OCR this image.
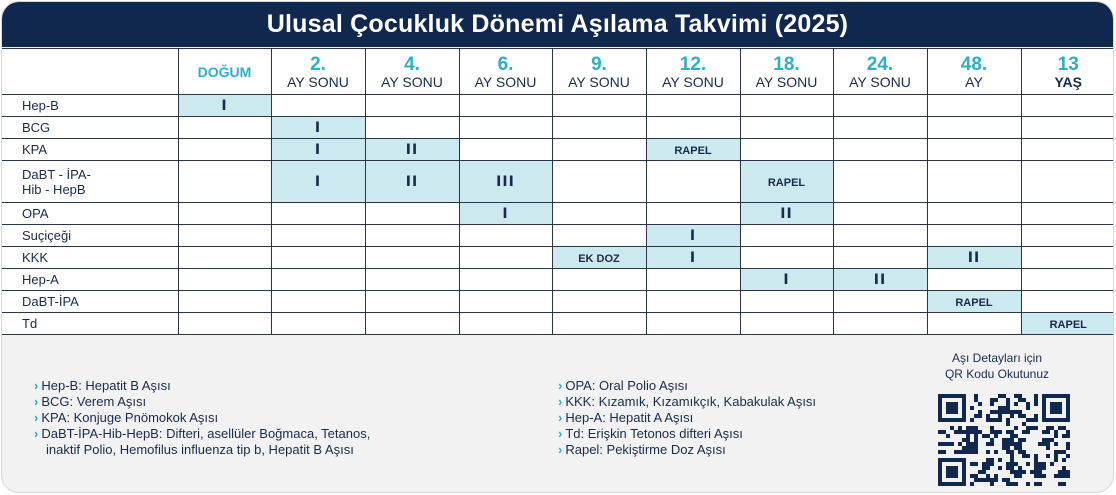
Ulusal Çocukluk Dönemi Aşılama Takvimi (2025)

	DOĞUM	2.
AY SONU	4.
AY SONU	6.
AY SONU	9.
AY SONU	12.
AY SONU	18.
AY SONU	24.
AY SONU	48.
AY	13
YAŞ

Hep-B	I									
BCG		I								
KPA		I	II			RAPEL				
DaBT - İPA-
Hib - HepB		I	II	III			RAPEL			
OPA				I			II			
Suçiçeği						I				
KKK					EK DOZ	I			II	
Hep-A							I	II		
DaBT-İPA									RAPEL	
Td										RAPEL
› Hep-B: Hepatit B Aşısı
› BCG: Verem Aşısı
› KPA: Konjuge Pnömokok Aşısı
› DaBT-İPA-Hib-HepB: Difteri, asellüler Boğmaca, Tetanos,
inaktif Polio, Hemofilus influenza tip b, Hepatit B Aşısı
› OPA: Oral Polio Aşısı
› KKK: Kızamık, Kızamıkçık, Kabakulak Aşısı
› Hep-A: Hepatit A Aşısı
› Td: Erişkin Tetonos difteri Aşısı
› Rapel: Pekiştirme Doz Aşısı
Aşı Detayları için
QR Kodu Okutunuz
